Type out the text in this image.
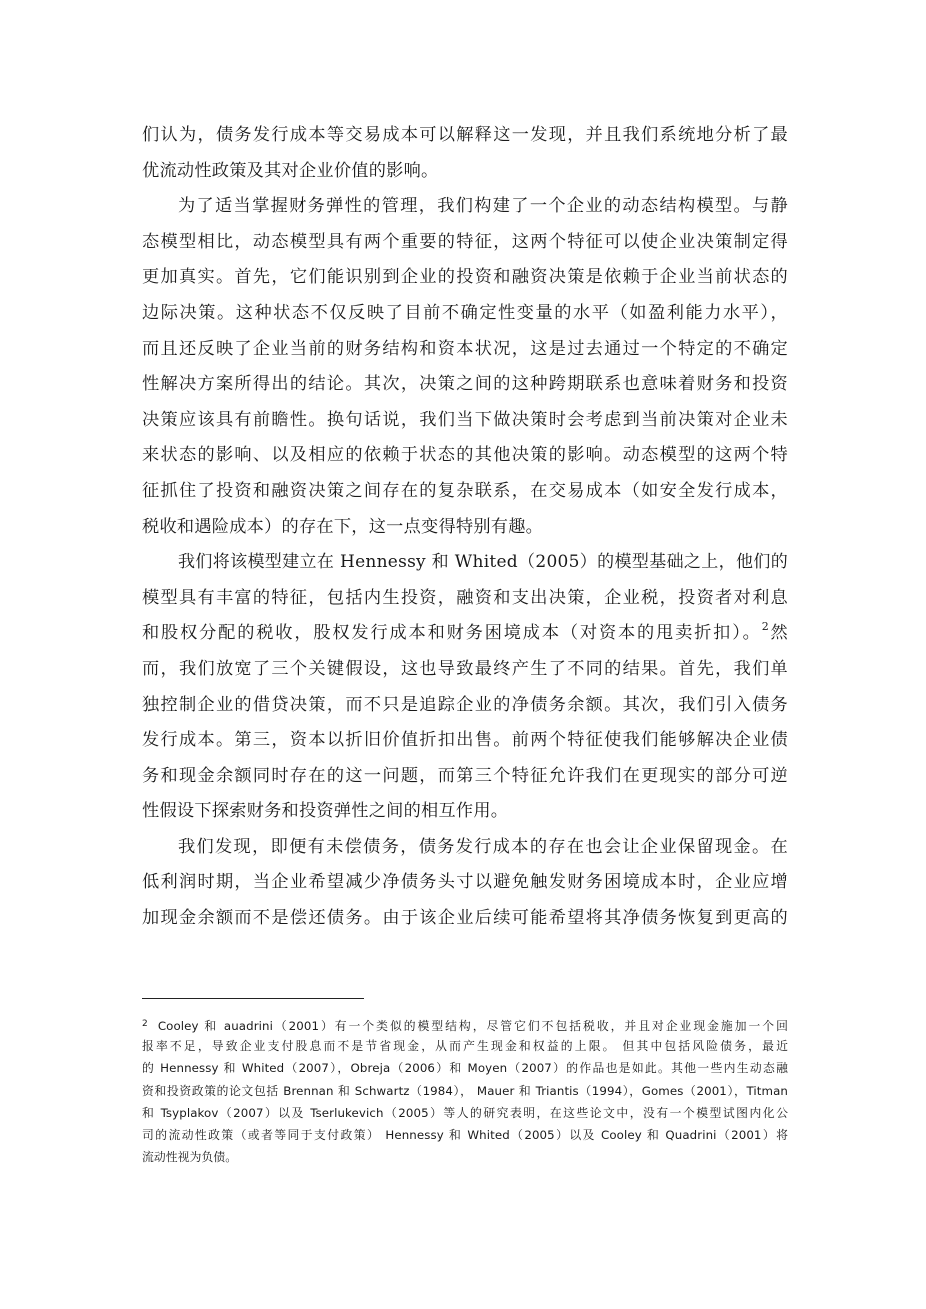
们认为，债务发行成本等交易成本可以解释这一发现，并且我们系统地分析了最
优流动性政策及其对企业价值的影响。
为了适当掌握财务弹性的管理，我们构建了一个企业的动态结构模型。与静
态模型相比，动态模型具有两个重要的特征，这两个特征可以使企业决策制定得
更加真实。首先，它们能识别到企业的投资和融资决策是依赖于企业当前状态的
边际决策。这种状态不仅反映了目前不确定性变量的水平（如盈利能力水平），
而且还反映了企业当前的财务结构和资本状况，这是过去通过一个特定的不确定
性解决方案所得出的结论。其次，决策之间的这种跨期联系也意味着财务和投资
决策应该具有前瞻性。换句话说，我们当下做决策时会考虑到当前决策对企业未
来状态的影响、以及相应的依赖于状态的其他决策的影响。动态模型的这两个特
征抓住了投资和融资决策之间存在的复杂联系，在交易成本（如安全发行成本，
税收和遇险成本）的存在下，这一点变得特别有趣。
我们将该模型建立在 Hennessy 和 Whited（2005）的模型基础之上，他们的
模型具有丰富的特征，包括内生投资，融资和支出决策，企业税，投资者对利息
和股权分配的税收，股权发行成本和财务困境成本（对资本的甩卖折扣）。$^2$然
而，我们放宽了三个关键假设，这也导致最终产生了不同的结果。首先，我们单
独控制企业的借贷决策，而不只是追踪企业的净债务余额。其次，我们引入债务
发行成本。第三，资本以折旧价值折扣出售。前两个特征使我们能够解决企业债
务和现金余额同时存在的这一问题，而第三个特征允许我们在更现实的部分可逆
性假设下探索财务和投资弹性之间的相互作用。
我们发现，即便有未偿债务，债务发行成本的存在也会让企业保留现金。在
低利润时期，当企业希望减少净债务头寸以避免触发财务困境成本时，企业应增
加现金余额而不是偿还债务。由于该企业后续可能希望将其净债务恢复到更高的
$^2$ Cooley 和 auadrini（2001）有一个类似的模型结构，尽管它们不包括税收，并且对企业现金施加一个回
报率不足，导致企业支付股息而不是节省现金，从而产生现金和权益的上限。 但其中包括风险债务，最近
的 Hennessy 和 Whited（2007），Obreja（2006）和 Moyen（2007）的作品也是如此。其他一些内生动态融
资和投资政策的论文包括 Brennan 和 Schwartz（1984）， Mauer 和 Triantis（1994），Gomes（2001），Titman
和 Tsyplakov（2007）以及 Tserlukevich（2005）等人的研究表明，在这些论文中，没有一个模型试图内化公
司的流动性政策（或者等同于支付政策） Hennessy 和 Whited（2005）以及 Cooley 和 Quadrini（2001）将
流动性视为负债。
